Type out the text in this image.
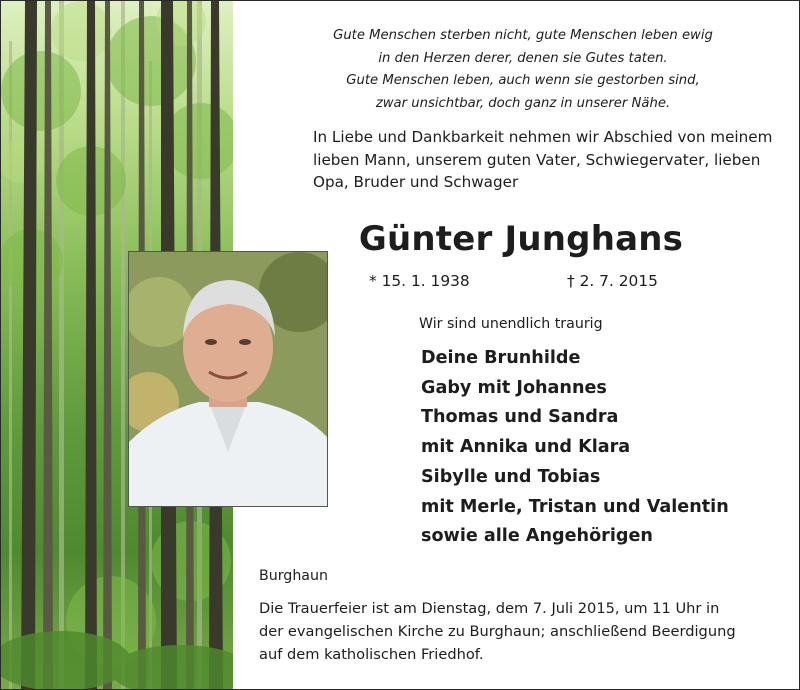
Gute Menschen sterben nicht, gute Menschen leben ewig
in den Herzen derer, denen sie Gutes taten.
Gute Menschen leben, auch wenn sie gestorben sind,
zwar unsichtbar, doch ganz in unserer Nähe.
In Liebe und Dankbarkeit nehmen wir Abschied von meinem
lieben Mann, unserem guten Vater, Schwiegervater, lieben
Opa, Bruder und Schwager
Günter Junghans
* 15. 1. 1938	† 2. 7. 2015
Wir sind unendlich traurig
Deine Brunhilde
Gaby mit Johannes
Thomas und Sandra
mit Annika und Klara
Sibylle und Tobias
mit Merle, Tristan und Valentin
sowie alle Angehörigen
Burghaun
Die Trauerfeier ist am Dienstag, dem 7. Juli 2015, um 11 Uhr in
der evangelischen Kirche zu Burghaun; anschließend Beerdigung
auf dem katholischen Friedhof.
